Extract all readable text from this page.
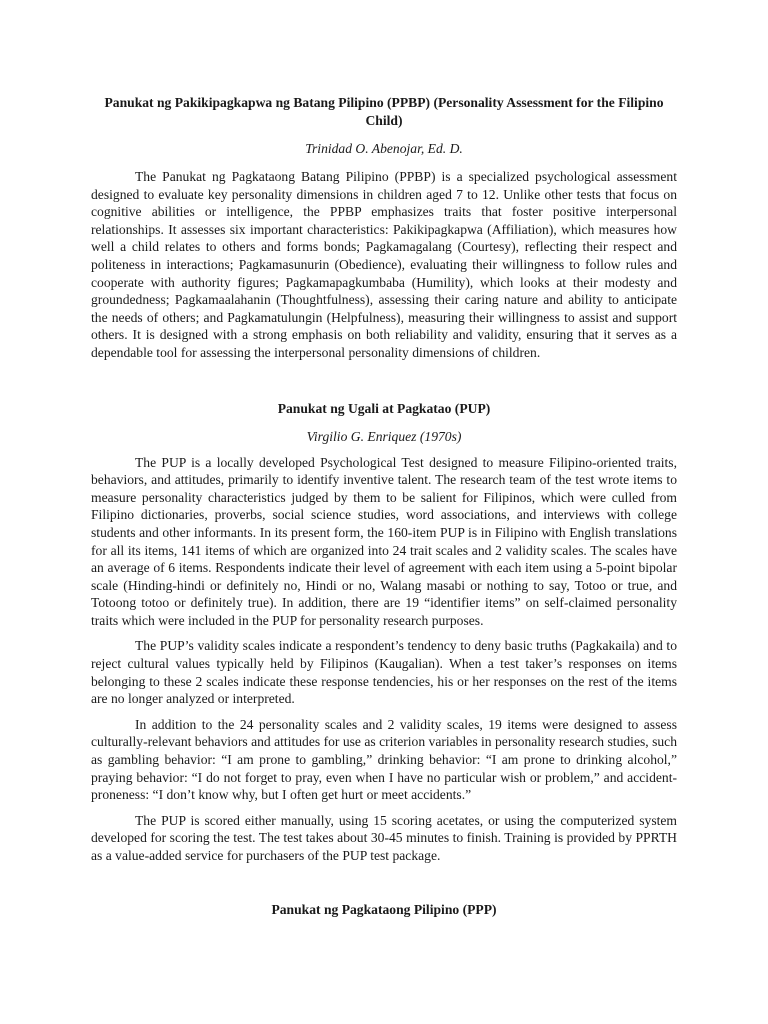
Panukat ng Pakikipagkapwa ng Batang Pilipino (PPBP) (Personality Assessment for the Filipino Child)

Trinidad O. Abenojar, Ed. D.

The Panukat ng Pagkataong Batang Pilipino (PPBP) is a specialized psychological assessment designed to evaluate key personality dimensions in children aged 7 to 12. Unlike other tests that focus on cognitive abilities or intelligence, the PPBP emphasizes traits that foster positive interpersonal relationships. It assesses six important characteristics: Pakikipagkapwa (Affiliation), which measures how well a child relates to others and forms bonds; Pagkamagalang (Courtesy), reflecting their respect and politeness in interactions; Pagkamasunurin (Obedience), evaluating their willingness to follow rules and cooperate with authority figures; Pagkamapagkumbaba (Humility), which looks at their modesty and groundedness; Pagkamaalahanin (Thoughtfulness), assessing their caring nature and ability to anticipate the needs of others; and Pagkamatulungin (Helpfulness), measuring their willingness to assist and support others. It is designed with a strong emphasis on both reliability and validity, ensuring that it serves as a dependable tool for assessing the interpersonal personality dimensions of children.

Panukat ng Ugali at Pagkatao (PUP)

Virgilio G. Enriquez (1970s)

The PUP is a locally developed Psychological Test designed to measure Filipino-oriented traits, behaviors, and attitudes, primarily to identify inventive talent. The research team of the test wrote items to measure personality characteristics judged by them to be salient for Filipinos, which were culled from Filipino dictionaries, proverbs, social science studies, word associations, and interviews with college students and other informants. In its present form, the 160-item PUP is in Filipino with English translations for all its items, 141 items of which are organized into 24 trait scales and 2 validity scales. The scales have an average of 6 items. Respondents indicate their level of agreement with each item using a 5-point bipolar scale (Hinding-hindi or definitely no, Hindi or no, Walang masabi or nothing to say, Totoo or true, and Totoong totoo or definitely true). In addition, there are 19 “identifier items” on self-claimed personality traits which were included in the PUP for personality research purposes.

The PUP’s validity scales indicate a respondent’s tendency to deny basic truths (Pagkakaila) and to reject cultural values typically held by Filipinos (Kaugalian). When a test taker’s responses on items belonging to these 2 scales indicate these response tendencies, his or her responses on the rest of the items are no longer analyzed or interpreted.

In addition to the 24 personality scales and 2 validity scales, 19 items were designed to assess culturally-relevant behaviors and attitudes for use as criterion variables in personality research studies, such as gambling behavior: “I am prone to gambling,” drinking behavior: “I am prone to drinking alcohol,” praying behavior: “I do not forget to pray, even when I have no particular wish or problem,” and accident-proneness: “I don’t know why, but I often get hurt or meet accidents.”

The PUP is scored either manually, using 15 scoring acetates, or using the computerized system developed for scoring the test. The test takes about 30-45 minutes to finish. Training is provided by PPRTH as a value-added service for purchasers of the PUP test package.

Panukat ng Pagkataong Pilipino (PPP)
